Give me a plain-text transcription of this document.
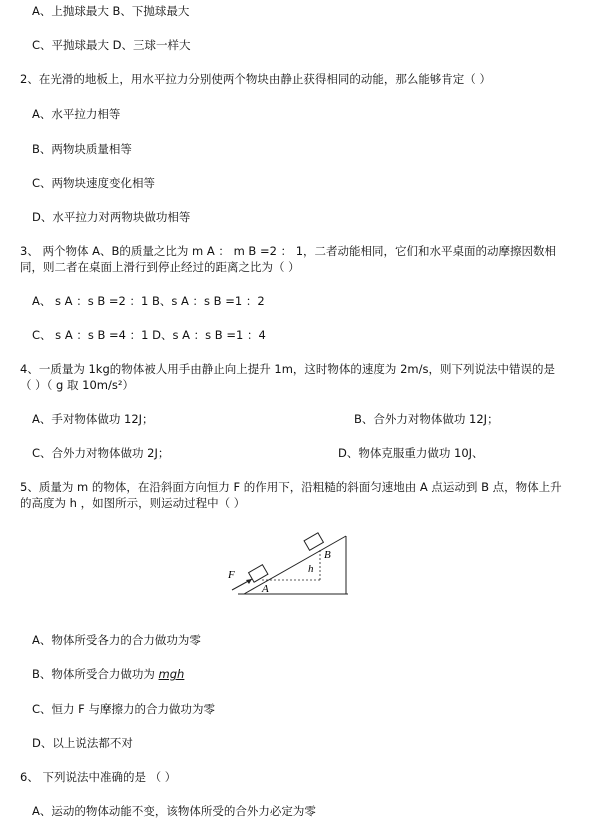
A、上抛球最大 B、下抛球最大
C、平抛球最大 D、三球一样大
2、在光滑的地板上，用水平拉力分别使两个物块由静止获得相同的动能，那么能够肯定（ ）
A、水平拉力相等
B、两物块质量相等
C、两物块速度变化相等
D、水平拉力对两物块做功相等
3、 两个物体 A、B的质量之比为 m A ： m B =2 ： 1，二者动能相同，它们和水平桌面的动摩擦因数相同，则二者在桌面上滑行到停止经过的距离之比为（ ）
A、 s A ：s B =2 ：1 B、s A ：s B =1 ：2
C、 s A ：s B =4 ：1 D、s A ：s B =1 ：4
4、一质量为 1kg的物体被人用手由静止向上提升 1m，这时物体的速度为 2m/s，则下列说法中错误的是 （ ）（ g 取 10m/s²）
A、手对物体做功 12J；	B、合外力对物体做功 12J；
C、合外力对物体做功 2J；	D、物体克服重力做功 10J、
5、质量为 m 的物体，在沿斜面方向恒力 F 的作用下，沿粗糙的斜面匀速地由 A 点运动到 B 点，物体上升的高度为 h ，如图所示，则运动过程中（ ）
F
A
B
h
A、物体所受各力的合力做功为零
B、物体所受合力做功为 mgh
C、恒力 F 与摩擦力的合力做功为零
D、以上说法都不对
6、 下列说法中准确的是 （ ）
A、运动的物体动能不变，该物体所受的合外力必定为零
